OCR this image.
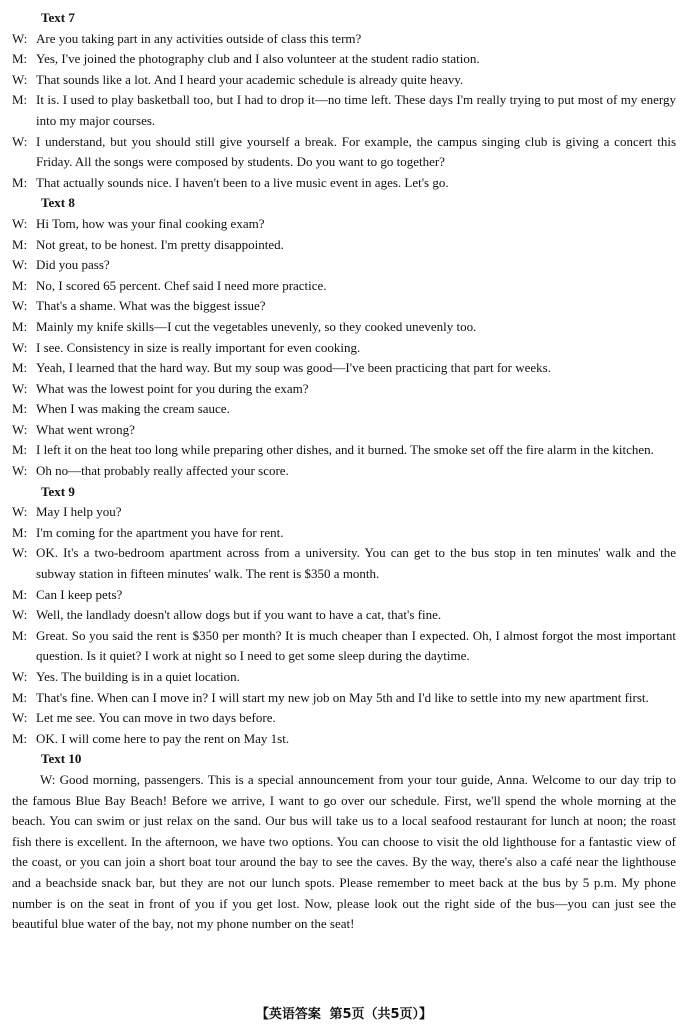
Text 7
W: Are you taking part in any activities outside of class this term?
M: Yes, I've joined the photography club and I also volunteer at the student radio station.
W: That sounds like a lot. And I heard your academic schedule is already quite heavy.
M: It is. I used to play basketball too, but I had to drop it—no time left. These days I'm really trying to put most of my energy into my major courses.
W: I understand, but you should still give yourself a break. For example, the campus singing club is giving a concert this Friday. All the songs were composed by students. Do you want to go together?
M: That actually sounds nice. I haven't been to a live music event in ages. Let's go.
Text 8
W: Hi Tom, how was your final cooking exam?
M: Not great, to be honest. I'm pretty disappointed.
W: Did you pass?
M: No, I scored 65 percent. Chef said I need more practice.
W: That's a shame. What was the biggest issue?
M: Mainly my knife skills—I cut the vegetables unevenly, so they cooked unevenly too.
W: I see. Consistency in size is really important for even cooking.
M: Yeah, I learned that the hard way. But my soup was good—I've been practicing that part for weeks.
W: What was the lowest point for you during the exam?
M: When I was making the cream sauce.
W: What went wrong?
M: I left it on the heat too long while preparing other dishes, and it burned. The smoke set off the fire alarm in the kitchen.
W: Oh no—that probably really affected your score.
Text 9
W: May I help you?
M: I'm coming for the apartment you have for rent.
W: OK. It's a two-bedroom apartment across from a university. You can get to the bus stop in ten minutes' walk and the subway station in fifteen minutes' walk. The rent is $350 a month.
M: Can I keep pets?
W: Well, the landlady doesn't allow dogs but if you want to have a cat, that's fine.
M: Great. So you said the rent is $350 per month? It is much cheaper than I expected. Oh, I almost forgot the most important question. Is it quiet? I work at night so I need to get some sleep during the daytime.
W: Yes. The building is in a quiet location.
M: That's fine. When can I move in? I will start my new job on May 5th and I'd like to settle into my new apartment first.
W: Let me see. You can move in two days before.
M: OK. I will come here to pay the rent on May 1st.
Text 10
W: Good morning, passengers. This is a special announcement from your tour guide, Anna. Welcome to our day trip to the famous Blue Bay Beach! Before we arrive, I want to go over our schedule. First, we'll spend the whole morning at the beach. You can swim or just relax on the sand. Our bus will take us to a local seafood restaurant for lunch at noon; the roast fish there is excellent. In the afternoon, we have two options. You can choose to visit the old lighthouse for a fantastic view of the coast, or you can join a short boat tour around the bay to see the caves. By the way, there's also a café near the lighthouse and a beachside snack bar, but they are not our lunch spots. Please remember to meet back at the bus by 5 p.m. My phone number is on the seat in front of you if you get lost. Now, please look out the right side of the bus—you can just see the beautiful blue water of the bay, not my phone number on the seat!
【英语答案 第5页（共5页）】
